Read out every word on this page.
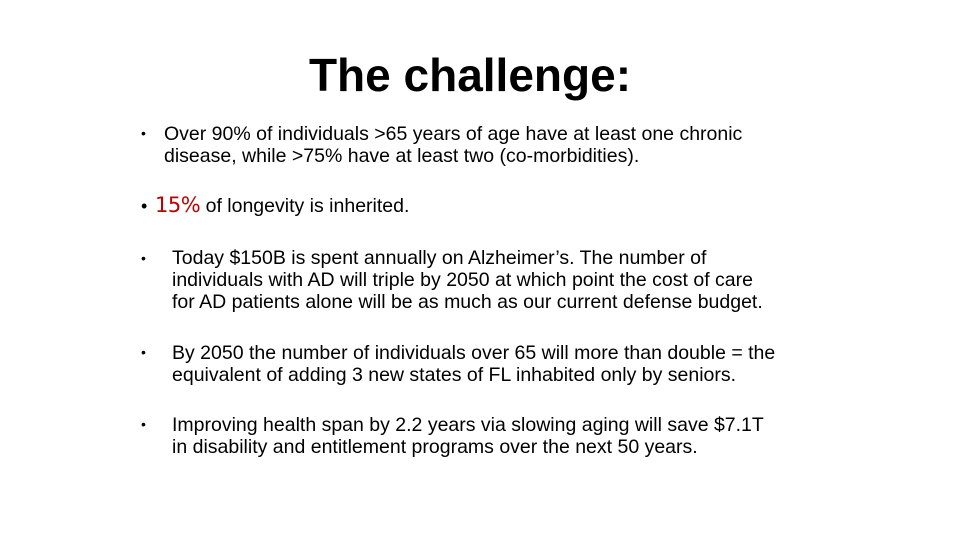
The challenge:
• Over 90% of individuals >65 years of age have at least one chronic
disease, while >75% have at least two (co-morbidities).
• 15% of longevity is inherited.
• Today $150B is spent annually on Alzheimer’s. The number of
individuals with AD will triple by 2050 at which point the cost of care
for AD patients alone will be as much as our current defense budget.
• By 2050 the number of individuals over 65 will more than double = the
equivalent of adding 3 new states of FL inhabited only by seniors.
• Improving health span by 2.2 years via slowing aging will save $7.1T
in disability and entitlement programs over the next 50 years.
